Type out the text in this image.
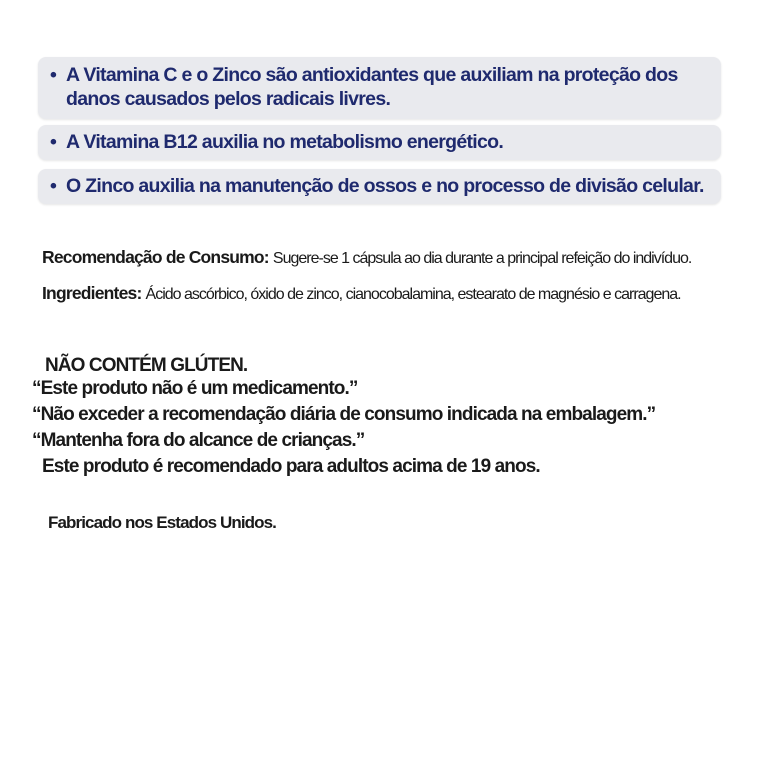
• A Vitamina C e o Zinco são antioxidantes que auxiliam na proteção dos
danos causados pelos radicais livres.
• A Vitamina B12 auxilia no metabolismo energético.
• O Zinco auxilia na manutenção de ossos e no processo de divisão celular.
Recomendação de Consumo: Sugere-se 1 cápsula ao dia durante a principal refeição do indivíduo.
Ingredientes: Ácido ascórbico, óxido de zinco, cianocobalamina, estearato de magnésio e carragena.
NÃO CONTÉM GLÚTEN.
“Este produto não é um medicamento.”
“Não exceder a recomendação diária de consumo indicada na embalagem.”
“Mantenha fora do alcance de crianças.”
Este produto é recomendado para adultos acima de 19 anos.
Fabricado nos Estados Unidos.
